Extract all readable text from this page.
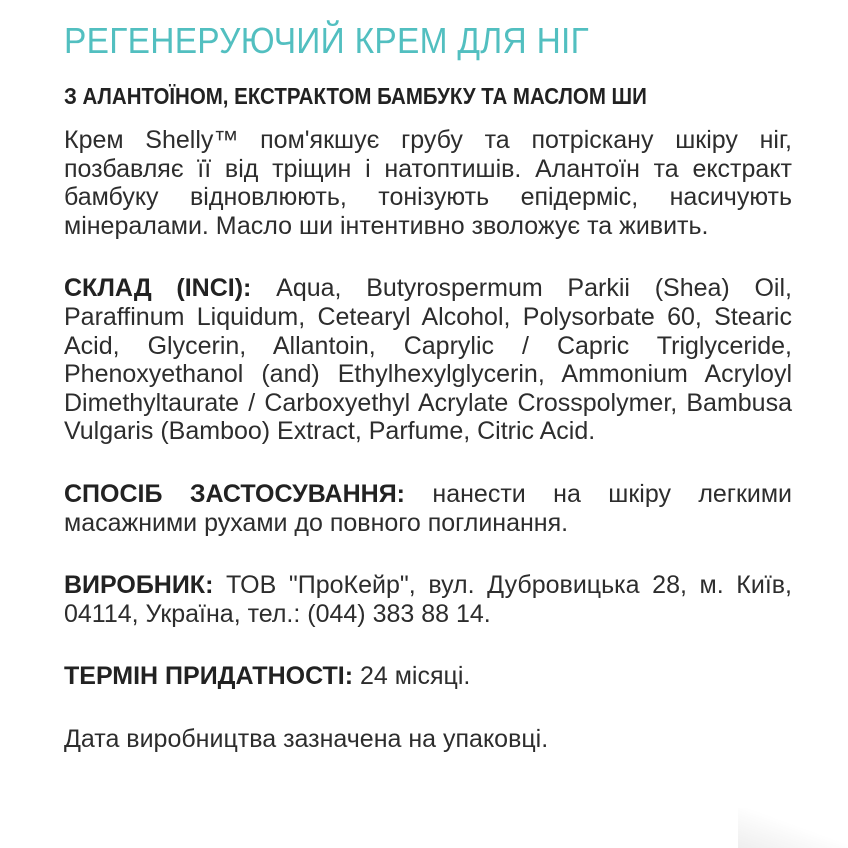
РЕГЕНЕРУЮЧИЙ КРЕМ ДЛЯ НІГ
З АЛАНТОЇНОМ, ЕКСТРАКТОМ БАМБУКУ ТА МАСЛОМ ШИ

Крем Shelly™ пом'якшує грубу та потріскану шкіру ніг, позбавляє її від тріщин і натоптишів. Алантоїн та екстракт бамбуку відновлюють, тонізують епідерміс, насичують мінералами. Масло ши інтентивно зволожує та живить.

СКЛАД (INCI): Aqua, Butyrospermum Parkii (Shea) Oil, Paraffinum Liquidum, Cetearyl Alcohol, Polysorbate 60, Stearic Acid, Glycerin, Allantoin, Caprylic / Capric Triglyceride, Phenoxyethanol (and) Ethylhexylglycerin, Ammonium Acryloyl Dimethyltaurate / Carboxyethyl Acrylate Crosspolymer, Bambusa Vulgaris (Bamboo) Extract, Parfume, Citric Acid.

СПОСІБ ЗАСТОСУВАННЯ: нанести на шкіру легкими масажними рухами до повного поглинання.

ВИРОБНИК: ТОВ "ПроКейр", вул. Дубровицька 28, м. Київ, 04114, Україна, тел.: (044) 383 88 14.

ТЕРМІН ПРИДАТНОСТІ: 24 місяці.

Дата виробництва зазначена на упаковці.
